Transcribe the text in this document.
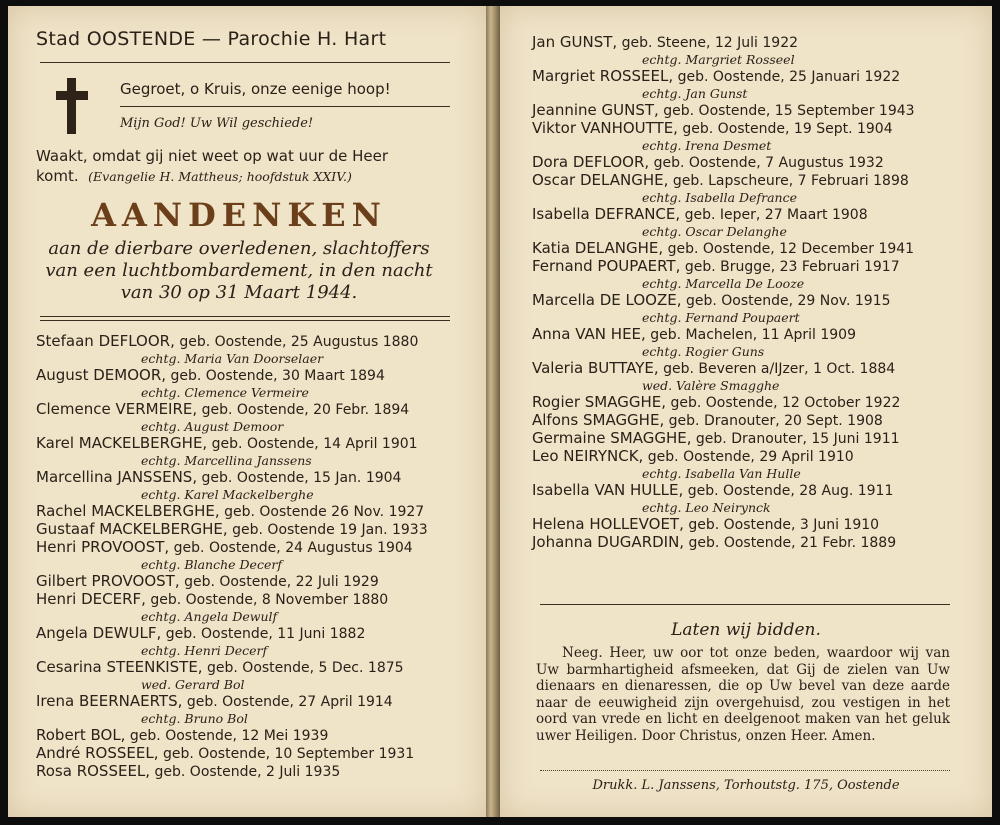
Stad OOSTENDE — Parochie H. Hart
Gegroet, o Kruis, onze eenige hoop!
Mijn God! Uw Wil geschiede!
Waakt, omdat gij niet weet op wat uur de Heer
komt. (Evangelie H. Mattheus; hoofdstuk XXIV.)
AANDENKEN
aan de dierbare overledenen, slachtoffers
van een luchtbombardement, in den nacht
van 30 op 31 Maart 1944.
Stefaan DEFLOOR, geb. Oostende, 25 Augustus 1880
echtg. Maria Van Doorselaer
August DEMOOR, geb. Oostende, 30 Maart 1894
echtg. Clemence Vermeire
Clemence VERMEIRE, geb. Oostende, 20 Febr. 1894
echtg. August Demoor
Karel MACKELBERGHE, geb. Oostende, 14 April 1901
echtg. Marcellina Janssens
Marcellina JANSSENS, geb. Oostende, 15 Jan. 1904
echtg. Karel Mackelberghe
Rachel MACKELBERGHE, geb. Oostende 26 Nov. 1927
Gustaaf MACKELBERGHE, geb. Oostende 19 Jan. 1933
Henri PROVOOST, geb. Oostende, 24 Augustus 1904
echtg. Blanche Decerf
Gilbert PROVOOST, geb. Oostende, 22 Juli 1929
Henri DECERF, geb. Oostende, 8 November 1880
echtg. Angela Dewulf
Angela DEWULF, geb. Oostende, 11 Juni 1882
echtg. Henri Decerf
Cesarina STEENKISTE, geb. Oostende, 5 Dec. 1875
wed. Gerard Bol
Irena BEERNAERTS, geb. Oostende, 27 April 1914
echtg. Bruno Bol
Robert BOL, geb. Oostende, 12 Mei 1939
André ROSSEEL, geb. Oostende, 10 September 1931
Rosa ROSSEEL, geb. Oostende, 2 Juli 1935
Jan GUNST, geb. Steene, 12 Juli 1922
echtg. Margriet Rosseel
Margriet ROSSEEL, geb. Oostende, 25 Januari 1922
echtg. Jan Gunst
Jeannine GUNST, geb. Oostende, 15 September 1943
Viktor VANHOUTTE, geb. Oostende, 19 Sept. 1904
echtg. Irena Desmet
Dora DEFLOOR, geb. Oostende, 7 Augustus 1932
Oscar DELANGHE, geb. Lapscheure, 7 Februari 1898
echtg. Isabella Defrance
Isabella DEFRANCE, geb. Ieper, 27 Maart 1908
echtg. Oscar Delanghe
Katia DELANGHE, geb. Oostende, 12 December 1941
Fernand POUPAERT, geb. Brugge, 23 Februari 1917
echtg. Marcella De Looze
Marcella DE LOOZE, geb. Oostende, 29 Nov. 1915
echtg. Fernand Poupaert
Anna VAN HEE, geb. Machelen, 11 April 1909
echtg. Rogier Guns
Valeria BUTTAYE, geb. Beveren a/IJzer, 1 Oct. 1884
wed. Valère Smagghe
Rogier SMAGGHE, geb. Oostende, 12 October 1922
Alfons SMAGGHE, geb. Dranouter, 20 Sept. 1908
Germaine SMAGGHE, geb. Dranouter, 15 Juni 1911
Leo NEIRYNCK, geb. Oostende, 29 April 1910
echtg. Isabella Van Hulle
Isabella VAN HULLE, geb. Oostende, 28 Aug. 1911
echtg. Leo Neirynck
Helena HOLLEVOET, geb. Oostende, 3 Juni 1910
Johanna DUGARDIN, geb. Oostende, 21 Febr. 1889
Laten wij bidden.

Neeg. Heer, uw oor tot onze beden, waardoor wij van Uw barmhartigheid afsmeeken, dat Gij de zielen van Uw dienaars en dienaressen, die op Uw bevel van deze aarde naar de eeuwigheid zijn overgehuisd, zou vestigen in het oord van vrede en licht en deelgenoot maken van het geluk uwer Heiligen. Door Christus, onzen Heer. Amen.

Drukk. L. Janssens, Torhoutstg. 175, Oostende
